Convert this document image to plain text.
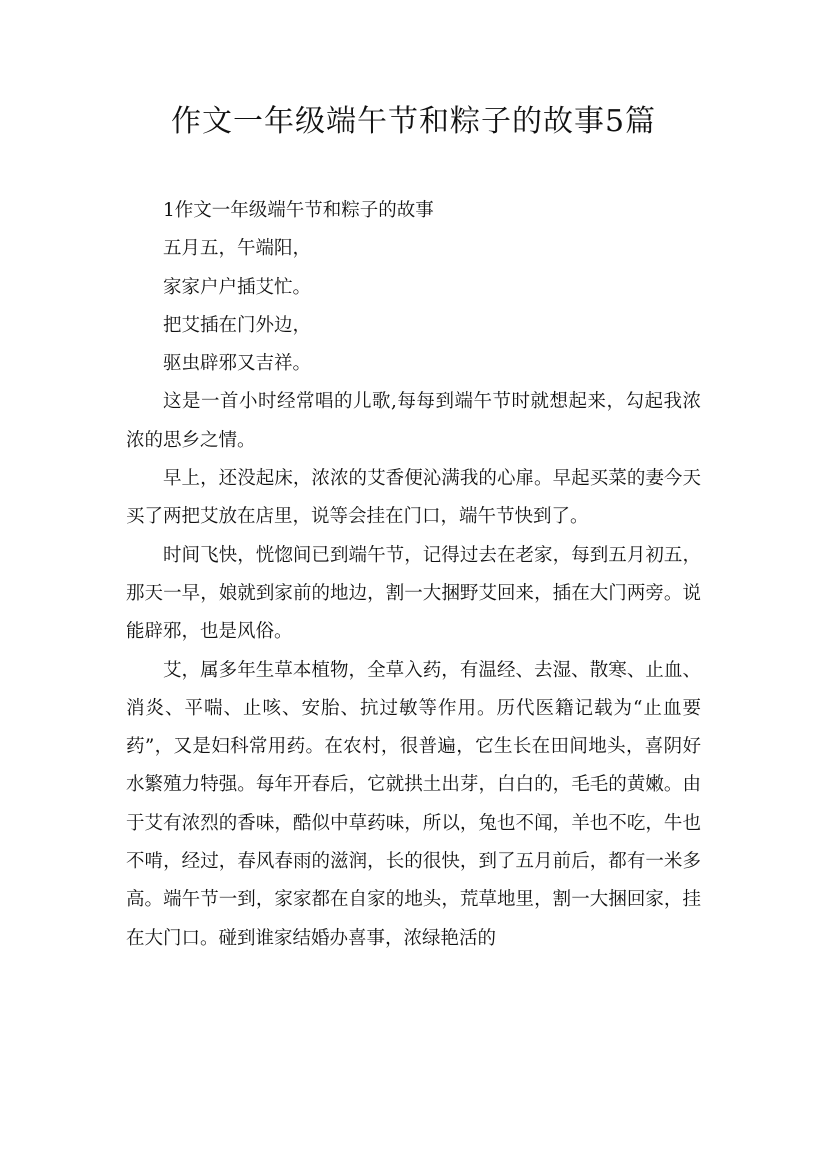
作文一年级端午节和粽子的故事5篇

1作文一年级端午节和粽子的故事

五月五，午端阳，

家家户户插艾忙。

把艾插在门外边，

驱虫辟邪又吉祥。

这是一首小时经常唱的儿歌,每每到端午节时就想起来，勾起我浓浓的思乡之情。

早上，还没起床，浓浓的艾香便沁满我的心扉。早起买菜的妻今天买了两把艾放在店里，说等会挂在门口，端午节快到了。

时间飞快，恍惚间已到端午节，记得过去在老家，每到五月初五，那天一早，娘就到家前的地边，割一大捆野艾回来，插在大门两旁。说能辟邪，也是风俗。

艾，属多年生草本植物，全草入药，有温经、去湿、散寒、止血、消炎、平喘、止咳、安胎、抗过敏等作用。历代医籍记载为“止血要药”，又是妇科常用药。在农村，很普遍，它生长在田间地头，喜阴好水繁殖力特强。每年开春后，它就拱土出芽，白白的，毛毛的黄嫩。由于艾有浓烈的香味，酷似中草药味，所以，兔也不闻，羊也不吃，牛也不啃，经过，春风春雨的滋润，长的很快，到了五月前后，都有一米多高。端午节一到，家家都在自家的地头，荒草地里，割一大捆回家，挂在大门口。碰到谁家结婚办喜事，浓绿艳活的
